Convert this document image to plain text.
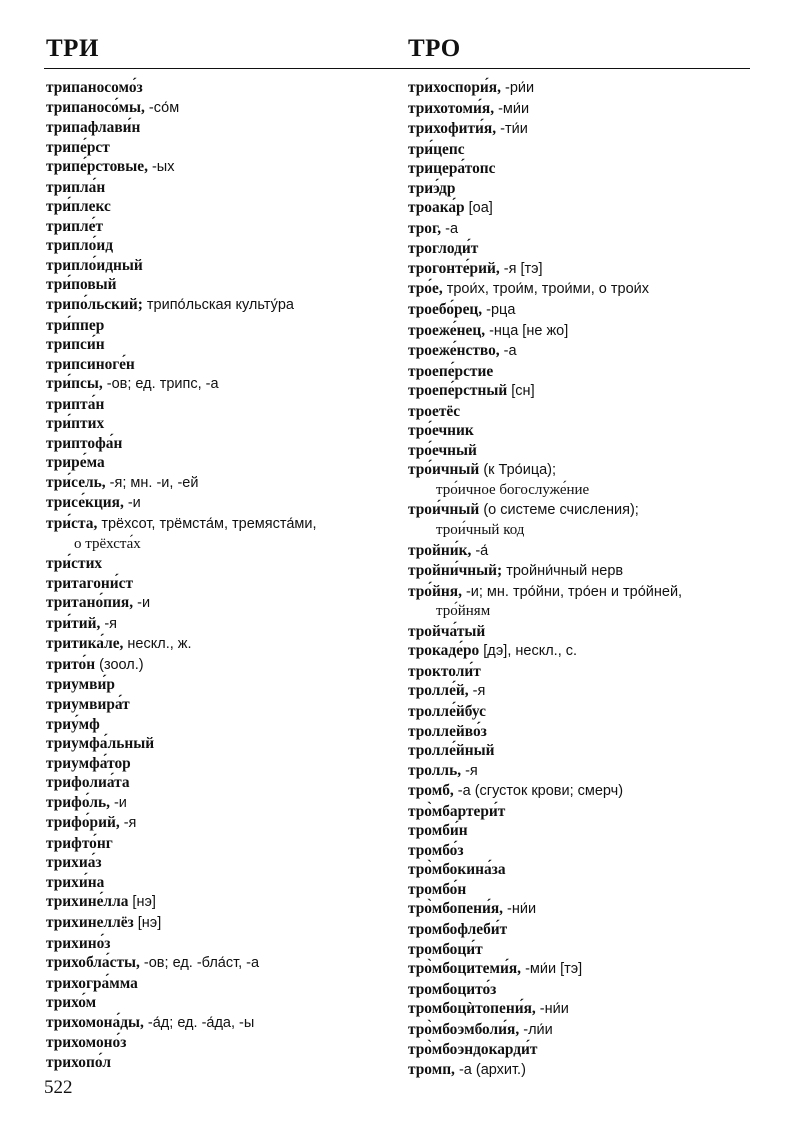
ТРИ	ТРО
трипаносомо́з
трипаносо́мы, -со́м
трипафлави́н
трипе́рст
трипе́рстовые, -ых
трипла́н
три́плекс
трипле́т
трипло́ид
трипло́идный
три́повый
трипо́льский; трипо́льская культу́ра
три́ппер
трипси́н
трипсиноге́н
три́псы, -ов; ед. трипс, -а
трипта́н
три́птих
триптофа́н
триpе́ма
три́сель, -я; мн. -и, -ей
трисе́кция, -и
три́ста, трёхсот, трёмста́м, тремяста́ми,
о трёхста́х
три́стих
тритагони́ст
тритано́пия, -и
три́тий, -я
тритика́ле, нескл., ж.
трито́н (зоол.)
триумви́р
триумвира́т
триу́мф
триумфа́льный
триумфа́тор
трифолиа́та
трифо́ль, -и
трифо́рий, -я
трифто́нг
трихиа́з
трихи́на
трихине́лла [нэ]
трихинеллёз [нэ]
трихино́з
трихобла́сты, -ов; ед. -бла́ст, -а
трихогра́мма
трихо́м
трихомона́ды, -а́д; ед. -а́да, -ы
трихомоно́з
трихопо́л
трихоспори́я, -ри́и
трихотоми́я, -ми́и
трихофити́я, -ти́и
три́цепс
трицера́топс
триэ́др
троака́р [оа]
трог, -а
троглоди́т
трогонте́рий, -я [тэ]
тро́е, трои́х, трои́м, трои́ми, о трои́х
троебо́рец, -рца
троеже́нец, -нца [не жо]
троеже́нство, -а
троепе́рстие
троепе́рстный [сн]
троетёс
тро́ечник
тро́ечный
тро́ичный (к Тро́ица);
тро́ичное богослуже́ние
трои́чный (о системе счисления);
трои́чный код
тройни́к, -а́
тройни́чный; тройни́чный нерв
тро́йня, -и; мн. тро́йни, тро́ен и тро́йней,
тро́йням
тройча́тый
трокаде́ро [дэ], нескл., с.
троктоли́т
тролле́й, -я
тролле́йбус
троллейво́з
тролле́йный
тролль, -я
тромб, -а (сгусток крови; смерч)
тро̀мбартери́т
тромби́н
тромбо́з
тро̀мбокина́за
тромбо́н
тро̀мбопени́я, -ни́и
тромбофлеби́т
тромбоци́т
тро̀мбоцитеми́я, -ми́и [тэ]
тромбоцито́з
тромбоцѝтопени́я, -ни́и
тро̀мбоэмболи́я, -ли́и
тро̀мбоэндокарди́т
тромп, -а (архит.)
522
